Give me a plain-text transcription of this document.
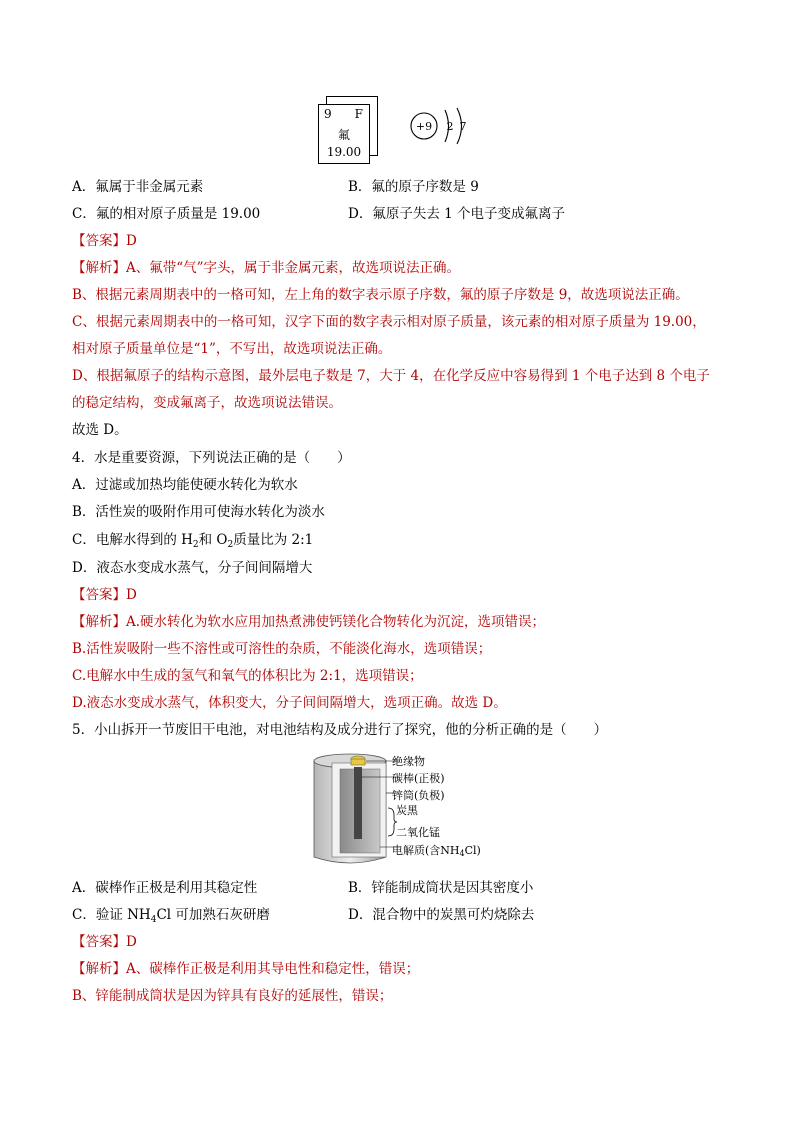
9 F
氟
19.00
+9 2 7
A．氟属于非金属元素	B．氟的原子序数是 9
C．氟的相对原子质量是 19.00	D．氟原子失去 1 个电子变成氟离子
【答案】D
【解析】A、氟带“气”字头，属于非金属元素，故选项说法正确。
B、根据元素周期表中的一格可知，左上角的数字表示原子序数，氟的原子序数是 9，故选项说法正确。
C、根据元素周期表中的一格可知，汉字下面的数字表示相对原子质量，该元素的相对原子质量为 19.00，
相对原子质量单位是“1”，不写出，故选项说法正确。
D、根据氟原子的结构示意图，最外层电子数是 7，大于 4，在化学反应中容易得到 1 个电子达到 8 个电子
的稳定结构，变成氟离子，故选项说法错误。
故选 D。
4．水是重要资源，下列说法正确的是（　　）
A．过滤或加热均能使硬水转化为软水
B．活性炭的吸附作用可使海水转化为淡水
C．电解水得到的 $H_2$和 $O_2$质量比为 2:1
D．液态水变成水蒸气，分子间间隔增大
【答案】D
【解析】A.硬水转化为软水应用加热煮沸使钙镁化合物转化为沉淀，选项错误；
B.活性炭吸附一些不溶性或可溶性的杂质，不能淡化海水，选项错误；
C.电解水中生成的氢气和氧气的体积比为 2:1，选项错误；
D.液态水变成水蒸气，体积变大，分子间间隔增大，选项正确。故选 D。
5．小山拆开一节废旧干电池，对电池结构及成分进行了探究，他的分析正确的是（　　）
绝缘物
碳棒(正极)
锌筒(负极)
炭黑
二氧化锰
电解质(含NH4Cl)
A．碳棒作正极是利用其稳定性	B．锌能制成筒状是因其密度小
C．验证 $NH_4Cl$ 可加熟石灰研磨	D．混合物中的炭黑可灼烧除去
【答案】D
【解析】A、碳棒作正极是利用其导电性和稳定性，错误；
B、锌能制成筒状是因为锌具有良好的延展性，错误；
